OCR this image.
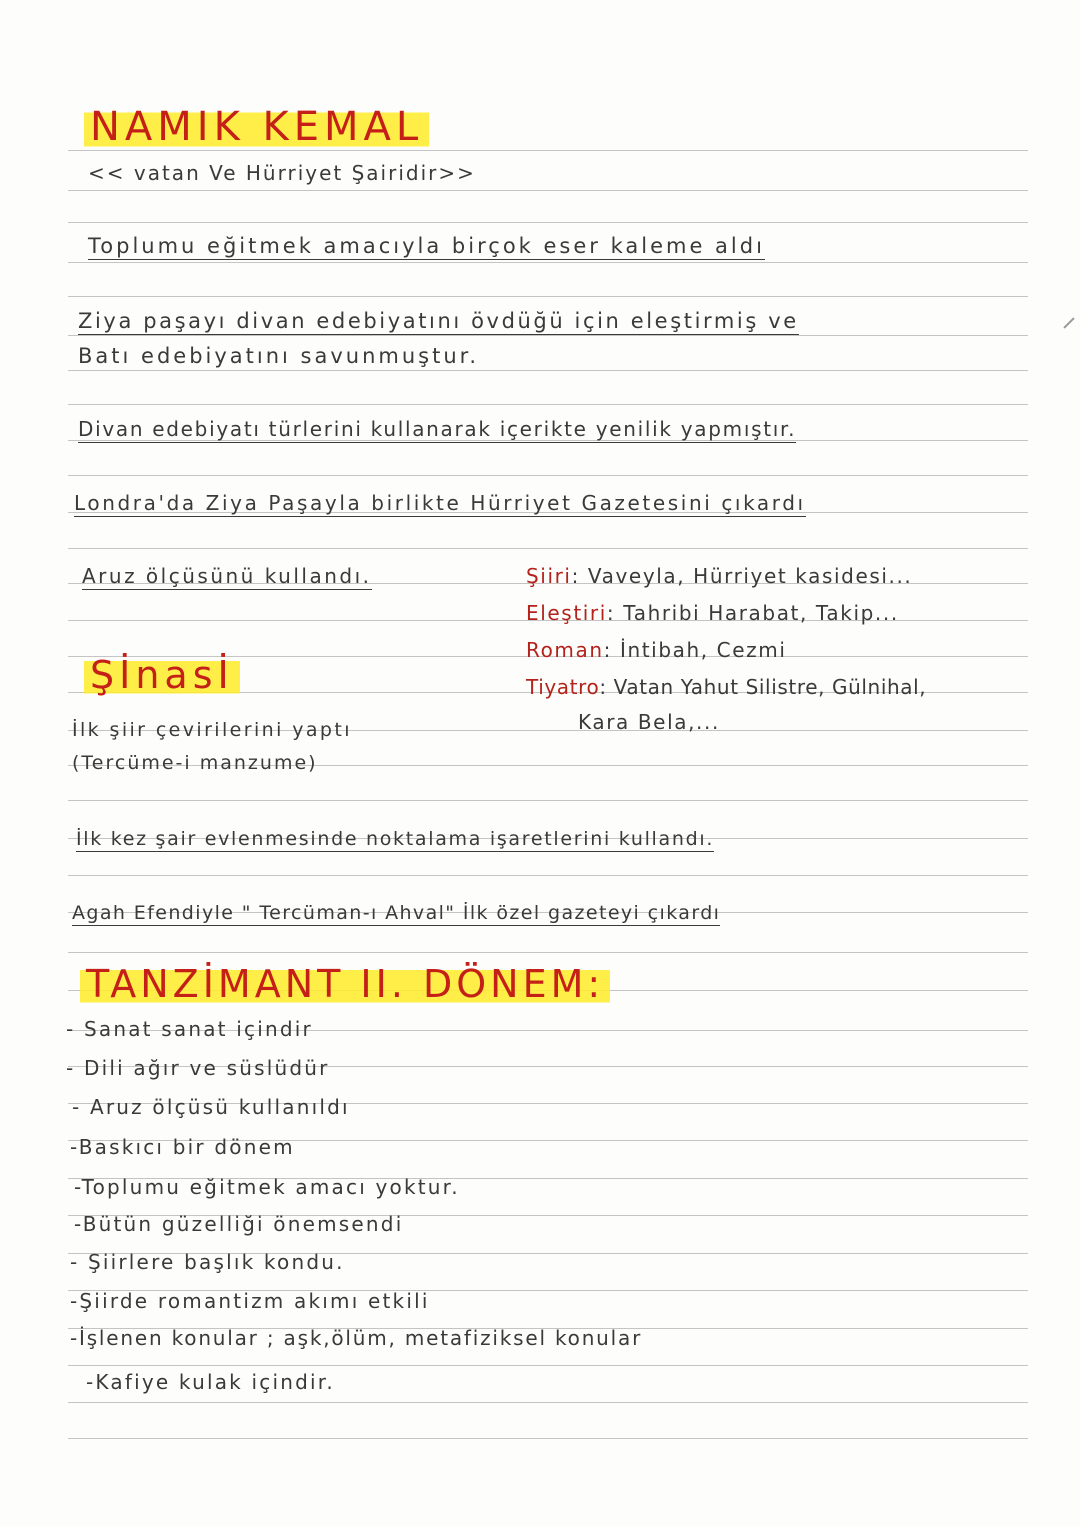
NAMIK KEMAL
<< vatan Ve Hürriyet Şairidir>>
Toplumu eğitmek amacıyla birçok eser kaleme aldı
Ziya paşayı divan edebiyatını övdüğü için eleştirmiş ve
Batı edebiyatını savunmuştur.
Divan edebiyatı türlerini kullanarak içerikte yenilik yapmıştır.
Londra'da Ziya Paşayla birlikte Hürriyet Gazetesini çıkardı
Aruz ölçüsünü kullandı.	Şiiri: Vaveyla, Hürriyet kasidesi...
Eleştiri: Tahribi Harabat, Takip...
Roman: İntibah, Cezmi
Tiyatro: Vatan Yahut Silistre, Gülnihal,
Kara Bela,...
Şİnasİ
İlk şiir çevirilerini yaptı
(Tercüme-i manzume)
İlk kez şair evlenmesinde noktalama işaretlerini kullandı.
Agah Efendiyle " Tercüman-ı Ahval" İlk özel gazeteyi çıkardı
TANZİMANT II. DÖNEM:
- Sanat sanat içindir
- Dili ağır ve süslüdür
- Aruz ölçüsü kullanıldı
-Baskıcı bir dönem
-Toplumu eğitmek amacı yoktur.
-Bütün güzelliği önemsendi
- Şiirlere başlık kondu.
-Şiirde romantizm akımı etkili
-İşlenen konular ; aşk,ölüm, metafiziksel konular
-Kafiye kulak içindir.
